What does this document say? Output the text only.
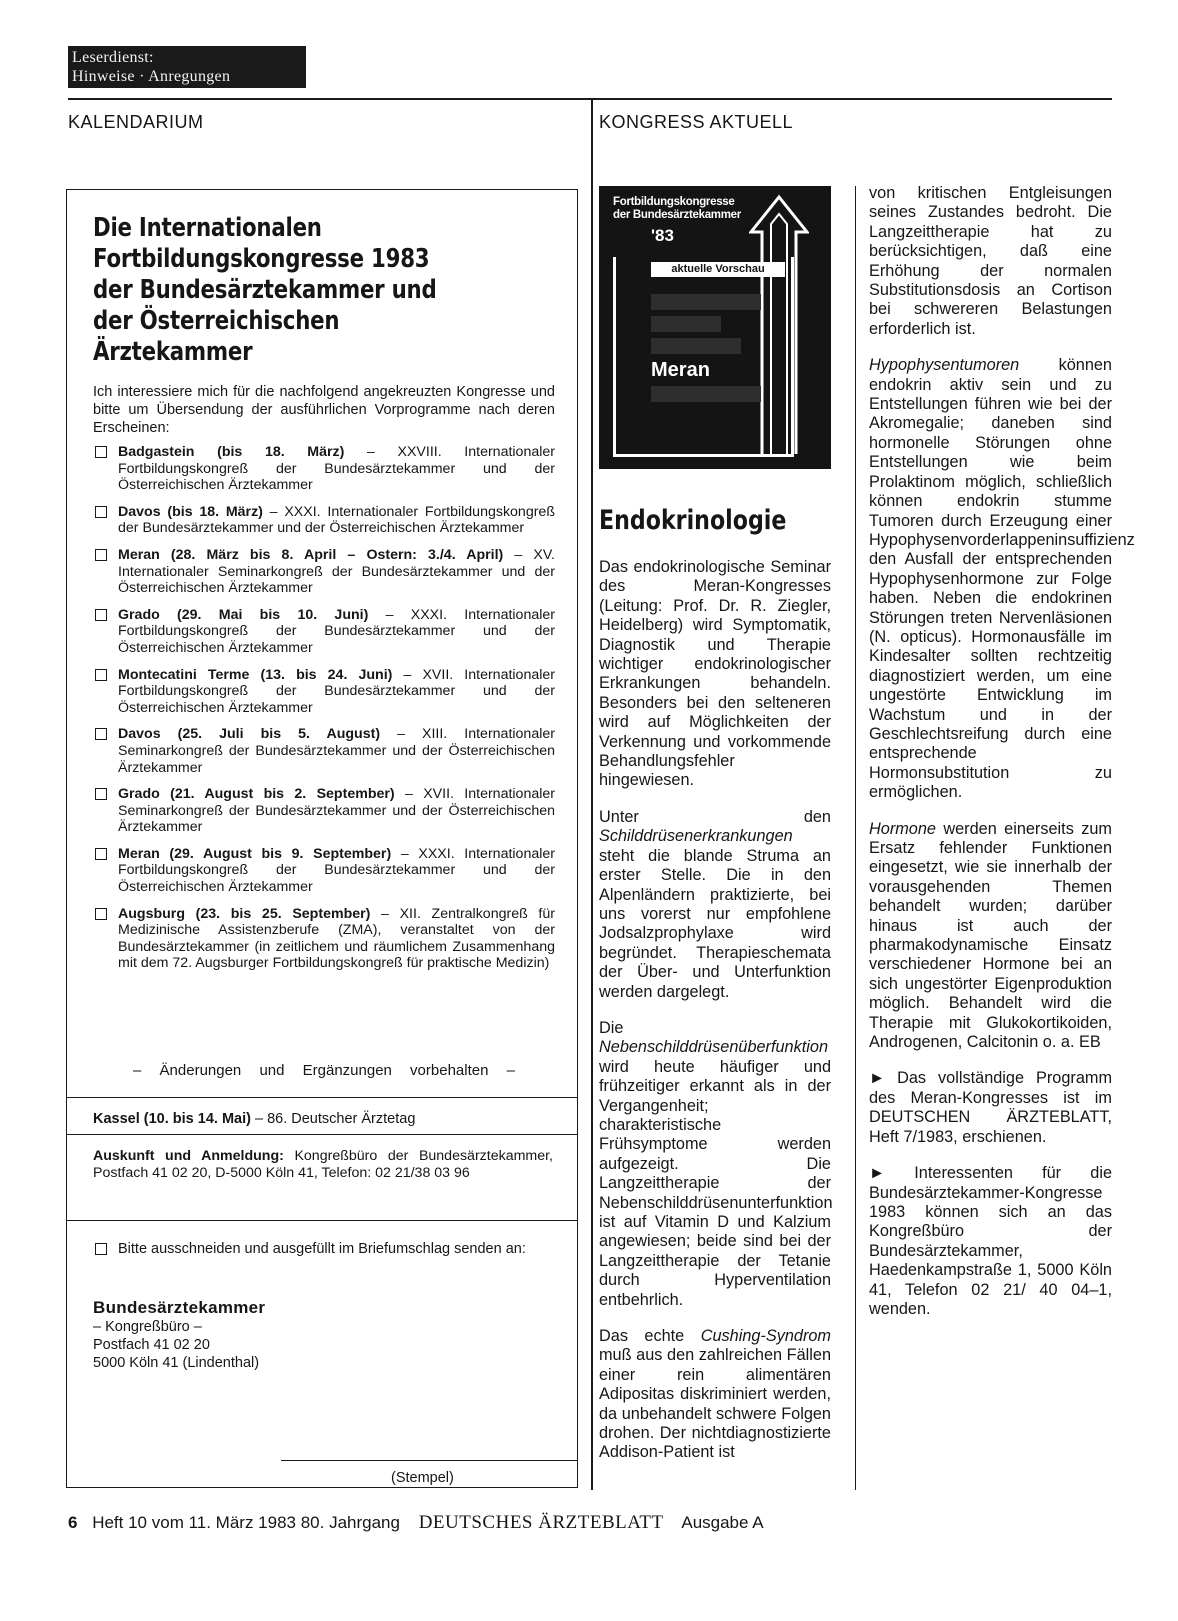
Leserdienst:
Hinweise · Anregungen
KALENDARIUM	KONGRESS AKTUELL
Die Internationalen Fortbildungskongresse 1983 der Bundesärztekammer und der Österreichischen Ärztekammer
Ich interessiere mich für die nachfolgend angekreuzten Kongresse und bitte um Übersendung der ausführlichen Vorprogramme nach deren Erscheinen:
Badgastein (bis 18. März) – XXVIII. Internationaler Fortbildungskongreß der Bundesärztekammer und der Österreichischen Ärztekammer
Davos (bis 18. März) – XXXI. Internationaler Fortbildungskongreß der Bundesärztekammer und der Österreichischen Ärztekammer
Meran (28. März bis 8. April – Ostern: 3./4. April) – XV. Internationaler Seminarkongreß der Bundesärztekammer und der Österreichischen Ärztekammer
Grado (29. Mai bis 10. Juni) – XXXI. Internationaler Fortbildungskongreß der Bundesärztekammer und der Österreichischen Ärztekammer
Montecatini Terme (13. bis 24. Juni) – XVII. Internationaler Fortbildungskongreß der Bundesärztekammer und der Österreichischen Ärztekammer
Davos (25. Juli bis 5. August) – XIII. Internationaler Seminarkongreß der Bundesärztekammer und der Österreichischen Ärztekammer
Grado (21. August bis 2. September) – XVII. Internationaler Seminarkongreß der Bundesärztekammer und der Österreichischen Ärztekammer
Meran (29. August bis 9. September) – XXXI. Internationaler Fortbildungskongreß der Bundesärztekammer und der Österreichischen Ärztekammer
Augsburg (23. bis 25. September) – XII. Zentralkongreß für Medizinische Assistenzberufe (ZMA), veranstaltet von der Bundesärztekammer (in zeitlichem und räumlichem Zusammenhang mit dem 72. Augsburger Fortbildungskongreß für praktische Medizin)
– Änderungen und Ergänzungen vorbehalten –
Kassel (10. bis 14. Mai) – 86. Deutscher Ärztetag
Auskunft und Anmeldung: Kongreßbüro der Bundesärztekammer, Postfach 41 02 20, D-5000 Köln 41, Telefon: 02 21/38 03 96
Bitte ausschneiden und ausgefüllt im Briefumschlag senden an:
Bundesärztekammer
– Kongreßbüro –
Postfach 41 02 20
5000 Köln 41 (Lindenthal)
(Stempel)
Fortbildungskongresse
der Bundesärztekammer
'83
aktuelle Vorschau
Meran
Endokrinologie

Das endokrinologische Seminar des Meran-Kongresses (Leitung: Prof. Dr. R. Ziegler, Heidelberg) wird Symptomatik, Diagnostik und Therapie wichtiger endokrinologischer Erkrankungen behandeln. Besonders bei den selteneren wird auf Möglichkeiten der Verkennung und vorkommende Behandlungsfehler hingewiesen.

Unter den Schilddrüsenerkrankungen steht die blande Struma an erster Stelle. Die in den Alpenländern praktizierte, bei uns vorerst nur empfohlene Jodsalzprophylaxe wird begründet. Therapieschemata der Über- und Unterfunktion werden dargelegt.

Die Nebenschilddrüsenüberfunktion wird heute häufiger und frühzeitiger erkannt als in der Vergangenheit; charakteristische Frühsymptome werden aufgezeigt. Die Langzeittherapie der Nebenschilddrüsenunterfunktion ist auf Vitamin D und Kalzium angewiesen; beide sind bei der Langzeittherapie der Tetanie durch Hyperventilation entbehrlich.

Das echte Cushing-Syndrom muß aus den zahlreichen Fällen einer rein alimentären Adipositas diskriminiert werden, da unbehandelt schwere Folgen drohen. Der nichtdiagnostizierte Addison-Patient ist

von kritischen Entgleisungen seines Zustandes bedroht. Die Langzeittherapie hat zu berücksichtigen, daß eine Erhöhung der normalen Substitutionsdosis an Cortison bei schwereren Belastungen erforderlich ist.

Hypophysentumoren können endokrin aktiv sein und zu Entstellungen führen wie bei der Akromegalie; daneben sind hormonelle Störungen ohne Entstellungen wie beim Prolaktinom möglich, schließlich können endokrin stumme Tumoren durch Erzeugung einer Hypophysenvorderlappeninsuffizienz den Ausfall der entsprechenden Hypophysenhormone zur Folge haben. Neben die endokrinen Störungen treten Nervenläsionen (N. opticus). Hormonausfälle im Kindesalter sollten rechtzeitig diagnostiziert werden, um eine ungestörte Entwicklung im Wachstum und in der Geschlechtsreifung durch eine entsprechende Hormonsubstitution zu ermöglichen.

Hormone werden einerseits zum Ersatz fehlender Funktionen eingesetzt, wie sie innerhalb der vorausgehenden Themen behandelt wurden; darüber hinaus ist auch der pharmakodynamische Einsatz verschiedener Hormone bei an sich ungestörter Eigenproduktion möglich. Behandelt wird die Therapie mit Glukokortikoiden, Androgenen, Calcitonin o. a. EB

► Das vollständige Programm des Meran-Kongresses ist im DEUTSCHEN ÄRZTEBLATT, Heft 7/1983, erschienen.

► Interessenten für die Bundesärztekammer-Kongresse 1983 können sich an das Kongreßbüro der Bundesärztekammer, Haedenkampstraße 1, 5000 Köln 41, Telefon 02 21/ 40 04–1, wenden.

6 Heft 10 vom 11. März 1983 80. Jahrgang DEUTSCHES ÄRZTEBLATT Ausgabe A
